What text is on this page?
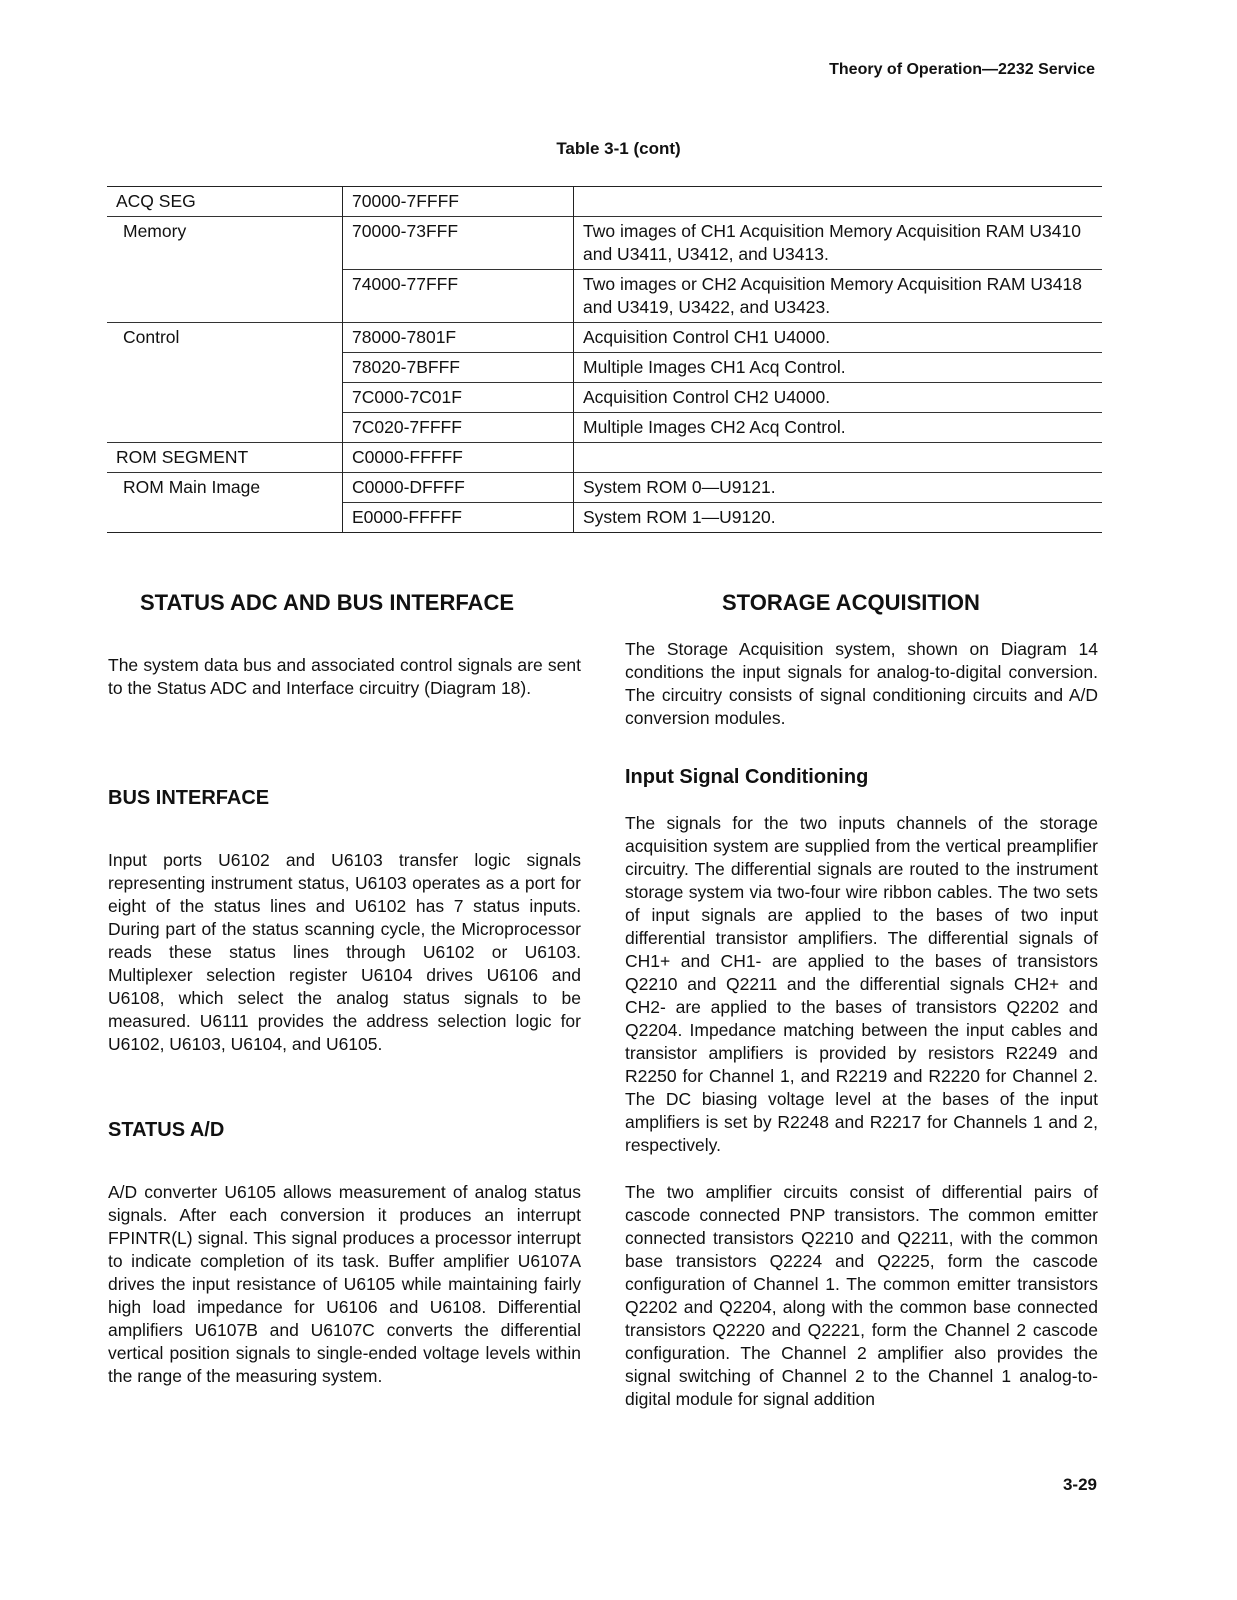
Theory of Operation—2232 Service
Table 3-1 (cont)
ACQ SEG	70000-7FFFF	
Memory	70000-73FFF	Two images of CH1 Acquisition Memory Acquisition RAM U3410 and U3411, U3412, and U3413.
	74000-77FFF	Two images or CH2 Acquisition Memory Acquisition RAM U3418 and U3419, U3422, and U3423.
Control	78000-7801F	Acquisition Control CH1 U4000.
	78020-7BFFF	Multiple Images CH1 Acq Control.
	7C000-7C01F	Acquisition Control CH2 U4000.
	7C020-7FFFF	Multiple Images CH2 Acq Control.
ROM SEGMENT	C0000-FFFFF	
ROM Main Image	C0000-DFFFF	System ROM 0—U9121.
	E0000-FFFFF	System ROM 1—U9120.
STATUS ADC AND BUS INTERFACE

The system data bus and associated control signals are sent to the Status ADC and Interface circuitry (Diagram 18).

BUS INTERFACE

Input ports U6102 and U6103 transfer logic signals representing instrument status, U6103 operates as a port for eight of the status lines and U6102 has 7 status inputs. During part of the status scanning cycle, the Microprocessor reads these status lines through U6102 or U6103. Multiplexer selection register U6104 drives U6106 and U6108, which select the analog status signals to be measured. U6111 provides the address selection logic for U6102, U6103, U6104, and U6105.

STATUS A/D

A/D converter U6105 allows measurement of analog status signals. After each conversion it produces an interrupt FPINTR(L) signal. This signal produces a processor interrupt to indicate completion of its task. Buffer amplifier U6107A drives the input resistance of U6105 while maintaining fairly high load impedance for U6106 and U6108. Differential amplifiers U6107B and U6107C converts the differential vertical position signals to single-ended voltage levels within the range of the measuring system.

STORAGE ACQUISITION

The Storage Acquisition system, shown on Diagram 14 conditions the input signals for analog-to-digital conversion. The circuitry consists of signal conditioning circuits and A/D conversion modules.

Input Signal Conditioning

The signals for the two inputs channels of the storage acquisition system are supplied from the vertical preamplifier circuitry. The differential signals are routed to the instrument storage system via two-four wire ribbon cables. The two sets of input signals are applied to the bases of two input differential transistor amplifiers. The differential signals of CH1+ and CH1- are applied to the bases of transistors Q2210 and Q2211 and the differential signals CH2+ and CH2- are applied to the bases of transistors Q2202 and Q2204. Impedance matching between the input cables and transistor amplifiers is provided by resistors R2249 and R2250 for Channel 1, and R2219 and R2220 for Channel 2. The DC biasing voltage level at the bases of the input amplifiers is set by R2248 and R2217 for Channels 1 and 2, respectively.

The two amplifier circuits consist of differential pairs of cascode connected PNP transistors. The common emitter connected transistors Q2210 and Q2211, with the common base transistors Q2224 and Q2225, form the cascode configuration of Channel 1. The common emitter transistors Q2202 and Q2204, along with the common base connected transistors Q2220 and Q2221, form the Channel 2 cascode configuration. The Channel 2 amplifier also provides the signal switching of Channel 2 to the Channel 1 analog-to-digital module for signal addition

3-29
